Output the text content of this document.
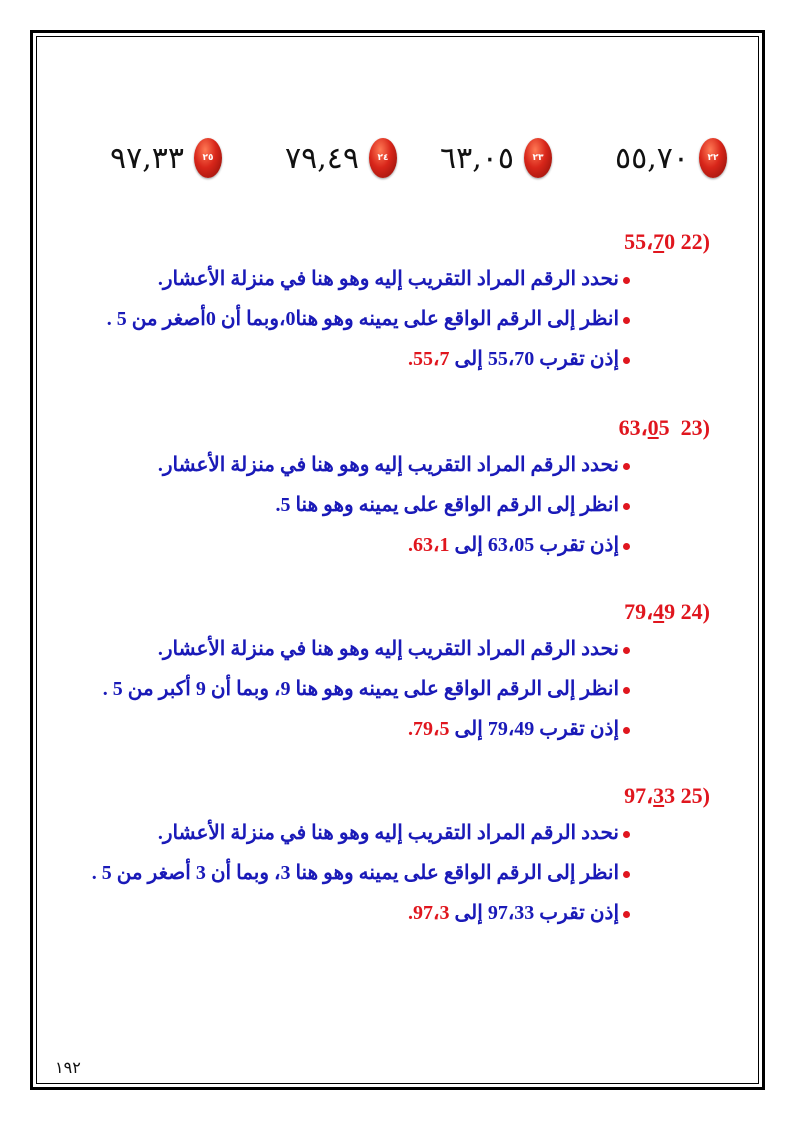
٩٧,٣٣	٢٥ ٧٩,٤٩	٢٤ ٦٣,٠٥	٢٣ ٥٥,٧٠	٢٢
55،70 22)
نحدد الرقم المراد التقريب إليه وهو هنا في منزلة الأعشار.
انظر إلى الرقم الواقع على يمينه وهو هنا0،وبما أن 0أصغر من 5 .
إذن تقرب 55،70 إلى 55،7.
63،05 23)
نحدد الرقم المراد التقريب إليه وهو هنا في منزلة الأعشار.
انظر إلى الرقم الواقع على يمينه وهو هنا 5.
إذن تقرب 63،05 إلى 63،1.
79،49 24)
نحدد الرقم المراد التقريب إليه وهو هنا في منزلة الأعشار.
انظر إلى الرقم الواقع على يمينه وهو هنا 9، وبما أن 9 أكبر من 5 .
إذن تقرب 79،49 إلى 79،5.
97،33 25)
نحدد الرقم المراد التقريب إليه وهو هنا في منزلة الأعشار.
انظر إلى الرقم الواقع على يمينه وهو هنا 3، وبما أن 3 أصغر من 5 .
إذن تقرب 97،33 إلى 97،3.
١٩٢
